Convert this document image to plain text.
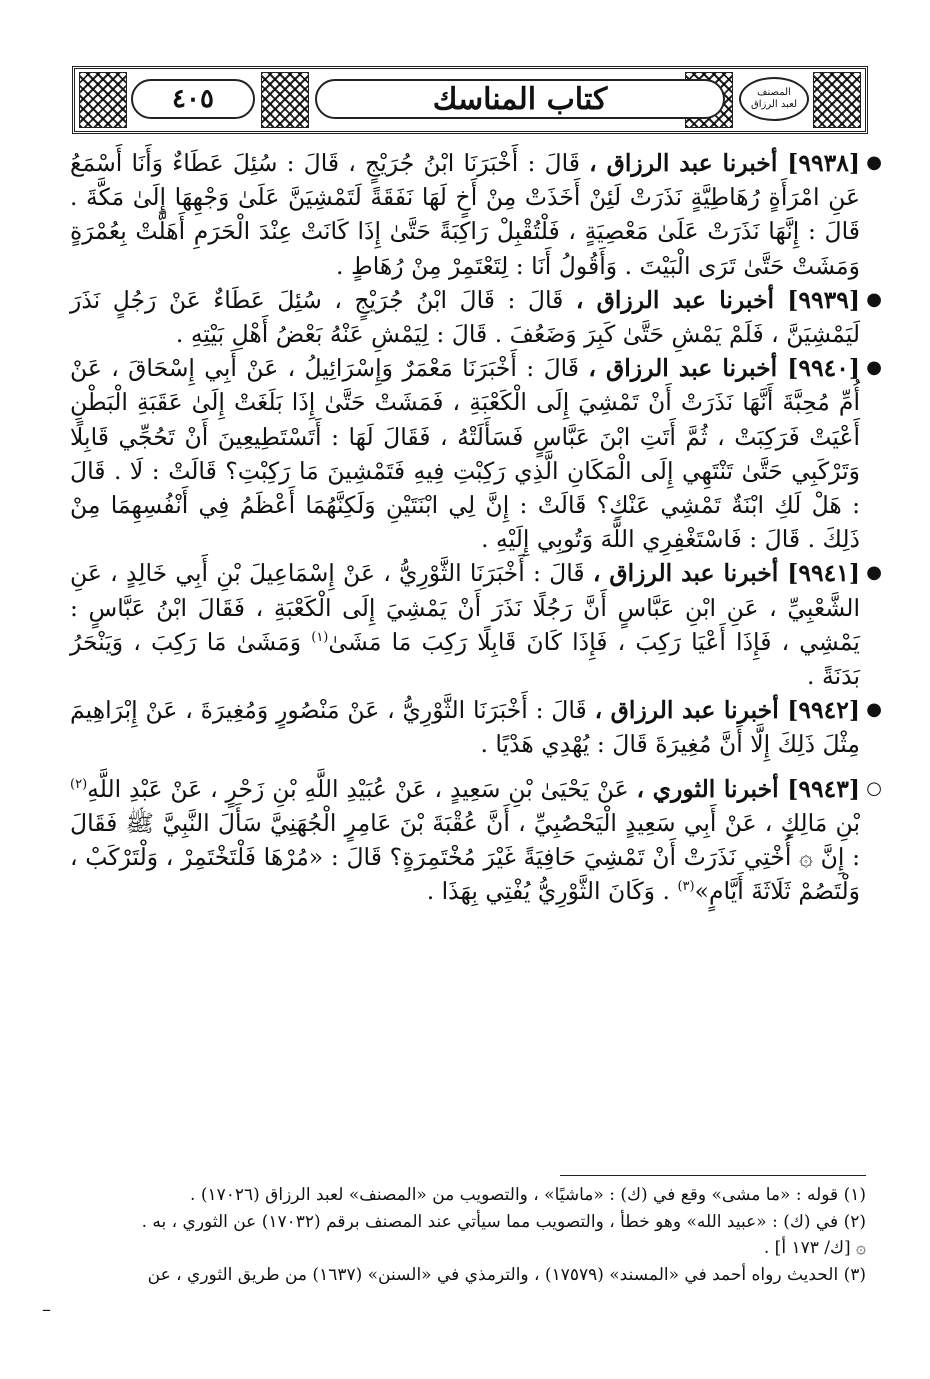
٤٠٥	كتاب المناسك	المصنف
لعبد الرزاق

●
[٩٩٣٨] أخبرنا عبد الرزاق ، قَالَ : أَخْبَرَنَا ابْنُ جُرَيْجٍ ، قَالَ : سُئِلَ عَطَاءٌ وَأَنَا أَسْمَعُ عَنِ امْرَأَةٍ رُهَاطِيَّةٍ نَذَرَتْ لَئِنْ أَخَذَتْ مِنْ أَخٍ لَهَا نَفَقَةً لَتَمْشِيَنَّ عَلَىٰ وَجْهِهَا إِلَىٰ مَكَّةَ . قَالَ : إِنَّهَا نَذَرَتْ عَلَىٰ مَعْصِيَةٍ ، فَلْتُقْبِلْ رَاكِبَةً حَتَّىٰ إِذَا كَانَتْ عِنْدَ الْحَرَمِ أَهَلَّتْ بِعُمْرَةٍ وَمَشَتْ حَتَّىٰ تَرَى الْبَيْتَ . وَأَقُولُ أَنَا : لِتَعْتَمِرْ مِنْ رُهَاطٍ .

●
[٩٩٣٩] أخبرنا عبد الرزاق ، قَالَ : قَالَ ابْنُ جُرَيْجٍ ، سُئِلَ عَطَاءٌ عَنْ رَجُلٍ نَذَرَ لَيَمْشِيَنَّ ، فَلَمْ يَمْشِ حَتَّىٰ كَبِرَ وَضَعُفَ . قَالَ : لِيَمْشِ عَنْهُ بَعْضُ أَهْلِ بَيْتِهِ .

●
[٩٩٤٠] أخبرنا عبد الرزاق ، قَالَ : أَخْبَرَنَا مَعْمَرٌ وَإِسْرَائِيلُ ، عَنْ أَبِي إِسْحَاقَ ، عَنْ أُمِّ مُحِبَّةَ أَنَّهَا نَذَرَتْ أَنْ تَمْشِيَ إِلَى الْكَعْبَةِ ، فَمَشَتْ حَتَّىٰ إِذَا بَلَغَتْ إِلَىٰ عَقَبَةِ الْبَطْنِ أَعْيَتْ فَرَكِبَتْ ، ثُمَّ أَتَتِ ابْنَ عَبَّاسٍ فَسَأَلَتْهُ ، فَقَالَ لَهَا : أَتَسْتَطِيعِينَ أَنْ تَحُجِّي قَابِلًا وَتَرْكَبِي حَتَّىٰ تَنْتَهِي إِلَى الْمَكَانِ الَّذِي رَكِبْتِ فِيهِ فَتَمْشِينَ مَا رَكِبْتِ؟ قَالَتْ : لَا . قَالَ : هَلْ لَكِ ابْنَةٌ تَمْشِي عَنْكِ؟ قَالَتْ : إِنَّ لِي ابْنَتَيْنِ وَلَكِنَّهُمَا أَعْظَمُ فِي أَنْفُسِهِمَا مِنْ ذَلِكَ . قَالَ : فَاسْتَغْفِرِي اللَّهَ وَتُوبِي إِلَيْهِ .

●
[٩٩٤١] أخبرنا عبد الرزاق ، قَالَ : أَخْبَرَنَا الثَّوْرِيُّ ، عَنْ إِسْمَاعِيلَ بْنِ أَبِي خَالِدٍ ، عَنِ الشَّعْبِيِّ ، عَنِ ابْنِ عَبَّاسٍ أَنَّ رَجُلًا نَذَرَ أَنْ يَمْشِيَ إِلَى الْكَعْبَةِ ، فَقَالَ ابْنُ عَبَّاسٍ : يَمْشِي ، فَإِذَا أَعْيَا رَكِبَ ، فَإِذَا كَانَ قَابِلًا رَكِبَ مَا مَشَىٰ$^{(١)}$ وَمَشَىٰ مَا رَكِبَ ، وَيَنْحَرُ بَدَنَةً .

●
[٩٩٤٢] أخبرنا عبد الرزاق ، قَالَ : أَخْبَرَنَا الثَّوْرِيُّ ، عَنْ مَنْصُورٍ وَمُغِيرَةَ ، عَنْ إِبْرَاهِيمَ مِثْلَ ذَلِكَ إِلَّا أَنَّ مُغِيرَةَ قَالَ : يُهْدِي هَدْيًا .

○
[٩٩٤٣] أخبرنا الثوري ، عَنْ يَحْيَىٰ بْنِ سَعِيدٍ ، عَنْ عُبَيْدِ اللَّهِ بْنِ زَحْرٍ ، عَنْ عَبْدِ اللَّهِ$^{(٢)}$ بْنِ مَالِكٍ ، عَنْ أَبِي سَعِيدٍ الْيَحْصُبِيِّ ، أَنَّ عُقْبَةَ بْنَ عَامِرٍ الْجُهَنِيَّ سَأَلَ النَّبِيَّ ﷺ فَقَالَ : إِنَّ ۞ أُخْتِي نَذَرَتْ أَنْ تَمْشِيَ حَافِيَةً غَيْرَ مُخْتَمِرَةٍ؟ قَالَ : «مُرْهَا فَلْتَخْتَمِرْ ، وَلْتَرْكَبْ ، وَلْتَصُمْ ثَلَاثَةَ أَيَّامٍ»$^{(٣)}$ . وَكَانَ الثَّوْرِيُّ يُفْتِي بِهَذَا .

(١) قوله : «ما مشى» وقع في (ك) : «ماشيًا» ، والتصويب من «المصنف» لعبد الرزاق (١٧٠٢٦) .
(٢) في (ك) : «عبيد الله» وهو خطأ ، والتصويب مما سيأتي عند المصنف برقم (١٧٠٣٢) عن الثوري ، به .
۞ [ك/ ١٧٣ أ] .
(٣) الحديث رواه أحمد في «المسند» (١٧٥٧٩) ، والترمذي في «السنن» (١٦٣٧) من طريق الثوري ، عن
–
